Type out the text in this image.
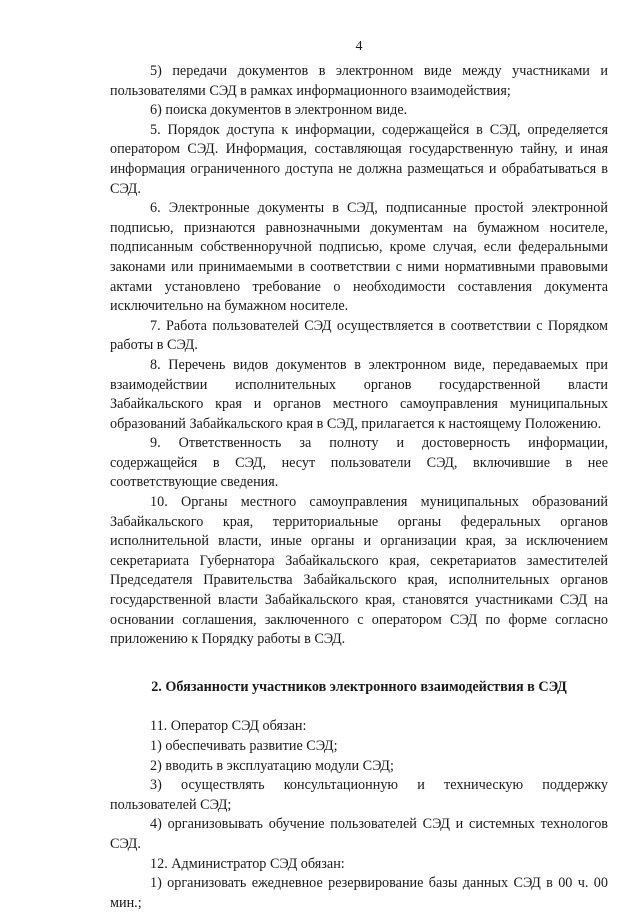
4

5) передачи документов в электронном виде между участниками и пользователями СЭД в рамках информационного взаимодействия;

6) поиска документов в электронном виде.

5. Порядок доступа к информации, содержащейся в СЭД, определяется оператором СЭД. Информация, составляющая государственную тайну, и иная информация ограниченного доступа не должна размещаться и обрабатываться в СЭД.

6. Электронные документы в СЭД, подписанные простой электронной подписью, признаются равнозначными документам на бумажном носителе, подписанным собственноручной подписью, кроме случая, если федеральными законами или принимаемыми в соответствии с ними нормативными правовыми актами установлено требование о необходимости составления документа исключительно на бумажном носителе.

7. Работа пользователей СЭД осуществляется в соответствии с Порядком работы в СЭД.

8. Перечень видов документов в электронном виде, передаваемых при взаимодействии исполнительных органов государственной власти Забайкальского края и органов местного самоуправления муниципальных образований Забайкальского края в СЭД, прилагается к настоящему Положению.

9. Ответственность за полноту и достоверность информации, содержащейся в СЭД, несут пользователи СЭД, включившие в нее соответствующие сведения.

10. Органы местного самоуправления муниципальных образований Забайкальского края, территориальные органы федеральных органов исполнительной власти, иные органы и организации края, за исключением секретариата Губернатора Забайкальского края, секретариатов заместителей Председателя Правительства Забайкальского края, исполнительных органов государственной власти Забайкальского края, становятся участниками СЭД на основании соглашения, заключенного с оператором СЭД по форме согласно приложению к Порядку работы в СЭД.

2. Обязанности участников электронного взаимодействия в СЭД

11. Оператор СЭД обязан:

1) обеспечивать развитие СЭД;

2) вводить в эксплуатацию модули СЭД;

3) осуществлять консультационную и техническую поддержку пользователей СЭД;

4) организовывать обучение пользователей СЭД и системных технологов СЭД.

12. Администратор СЭД обязан:

1) организовать ежедневное резервирование базы данных СЭД в 00 ч. 00 мин.;
